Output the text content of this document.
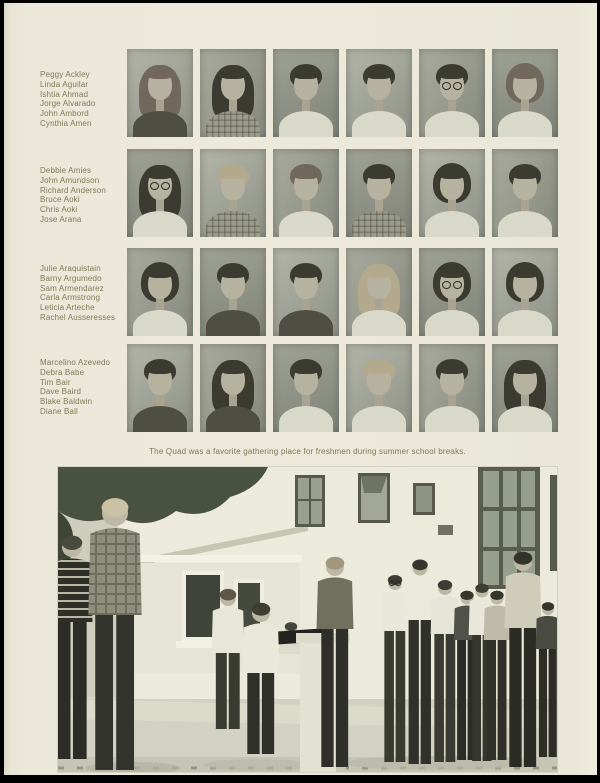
Peggy Ackley
Linda Aguilar
Ishtia Ahmad
Jorge Alvarado
John Ambord
Cynthia Amen
Debbie Amies
John Amundson
Richard Anderson
Bruce Aoki
Chris Aoki
Jose Arana
Julie Araquistain
Barny Argumedo
Sam Armendarez
Carla Armstrong
Leticia Arteche
Rachel Ausseresses
Marcelino Azevedo
Debra Babe
Tim Bair
Dave Baird
Blake Baldwin
Diane Ball
The Quad was a favorite gathering place for freshmen during summer school breaks.
